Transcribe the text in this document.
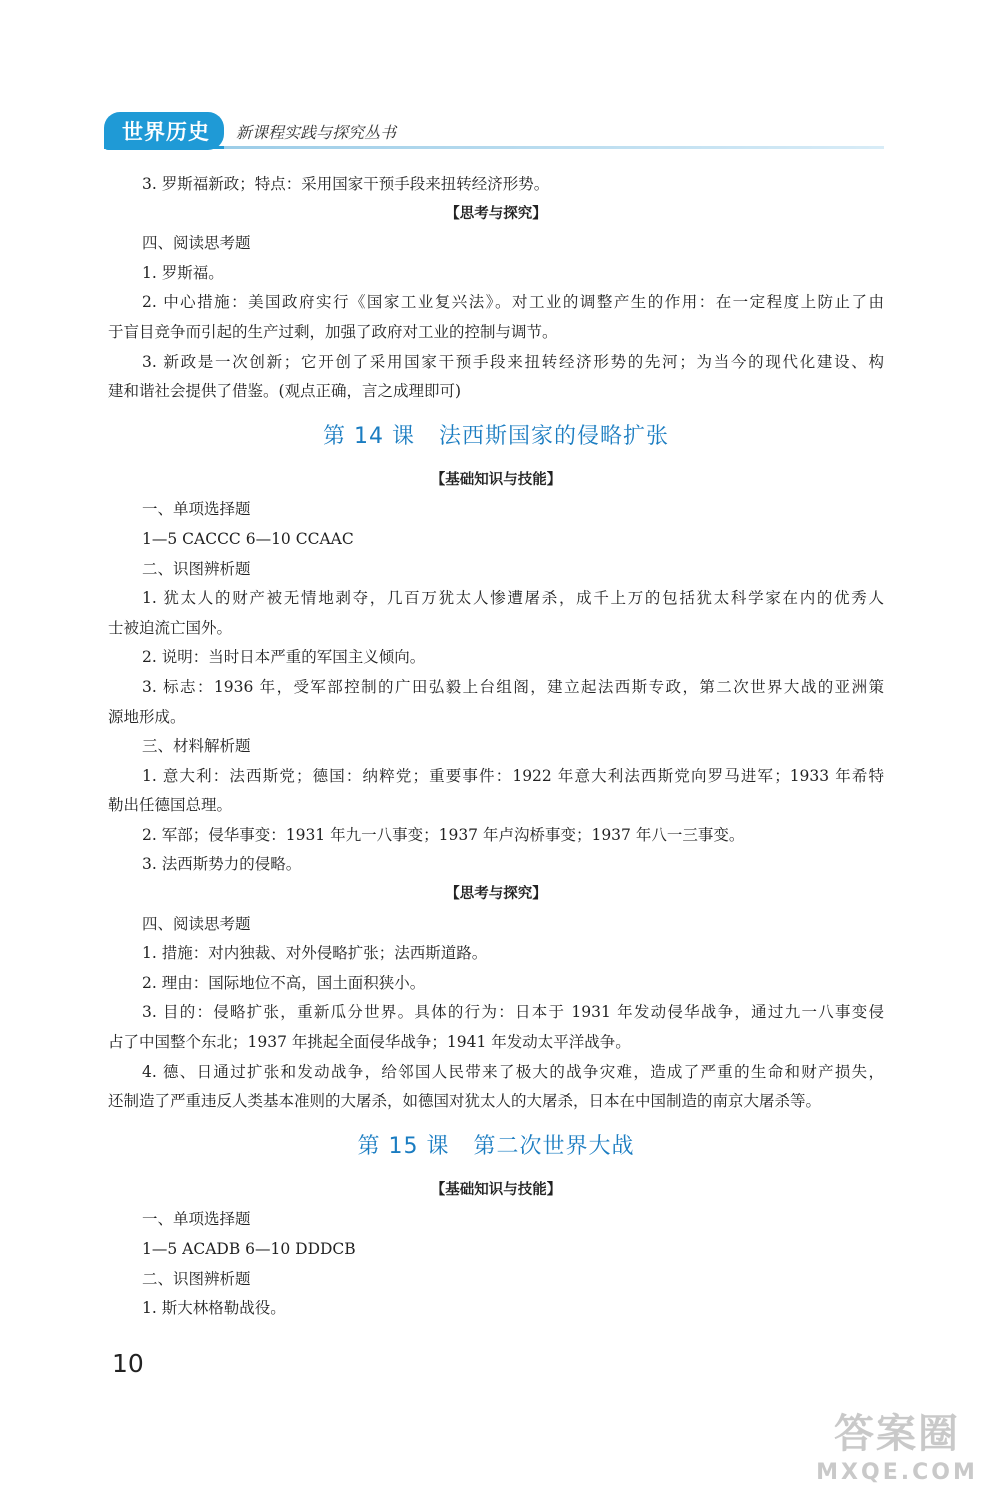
世界历史	新课程实践与探究丛书
3. 罗斯福新政；特点：采用国家干预手段来扭转经济形势。
【思考与探究】
四、阅读思考题
1. 罗斯福。
2. 中心措施：美国政府实行《国家工业复兴法》。对工业的调整产生的作用：在一定程度上防止了由
于盲目竞争而引起的生产过剩，加强了政府对工业的控制与调节。
3. 新政是一次创新；它开创了采用国家干预手段来扭转经济形势的先河；为当今的现代化建设、构
建和谐社会提供了借鉴。(观点正确，言之成理即可)
第 14 课 法西斯国家的侵略扩张
【基础知识与技能】
一、单项选择题
1—5 CACCC 6—10 CCAAC
二、识图辨析题
1. 犹太人的财产被无情地剥夺，几百万犹太人惨遭屠杀，成千上万的包括犹太科学家在内的优秀人
士被迫流亡国外。
2. 说明：当时日本严重的军国主义倾向。
3. 标志：1936 年，受军部控制的广田弘毅上台组阁，建立起法西斯专政，第二次世界大战的亚洲策
源地形成。
三、材料解析题
1. 意大利：法西斯党；德国：纳粹党；重要事件：1922 年意大利法西斯党向罗马进军；1933 年希特
勒出任德国总理。
2. 军部；侵华事变：1931 年九一八事变；1937 年卢沟桥事变；1937 年八一三事变。
3. 法西斯势力的侵略。
【思考与探究】
四、阅读思考题
1. 措施：对内独裁、对外侵略扩张；法西斯道路。
2. 理由：国际地位不高，国土面积狭小。
3. 目的：侵略扩张，重新瓜分世界。具体的行为：日本于 1931 年发动侵华战争，通过九一八事变侵
占了中国整个东北；1937 年挑起全面侵华战争；1941 年发动太平洋战争。
4. 德、日通过扩张和发动战争，给邻国人民带来了极大的战争灾难，造成了严重的生命和财产损失，
还制造了严重违反人类基本准则的大屠杀，如德国对犹太人的大屠杀，日本在中国制造的南京大屠杀等。
第 15 课 第二次世界大战
【基础知识与技能】
一、单项选择题
1—5 ACADB 6—10 DDDCB
二、识图辨析题
1. 斯大林格勒战役。
10
答案圈
MXQE.COM
